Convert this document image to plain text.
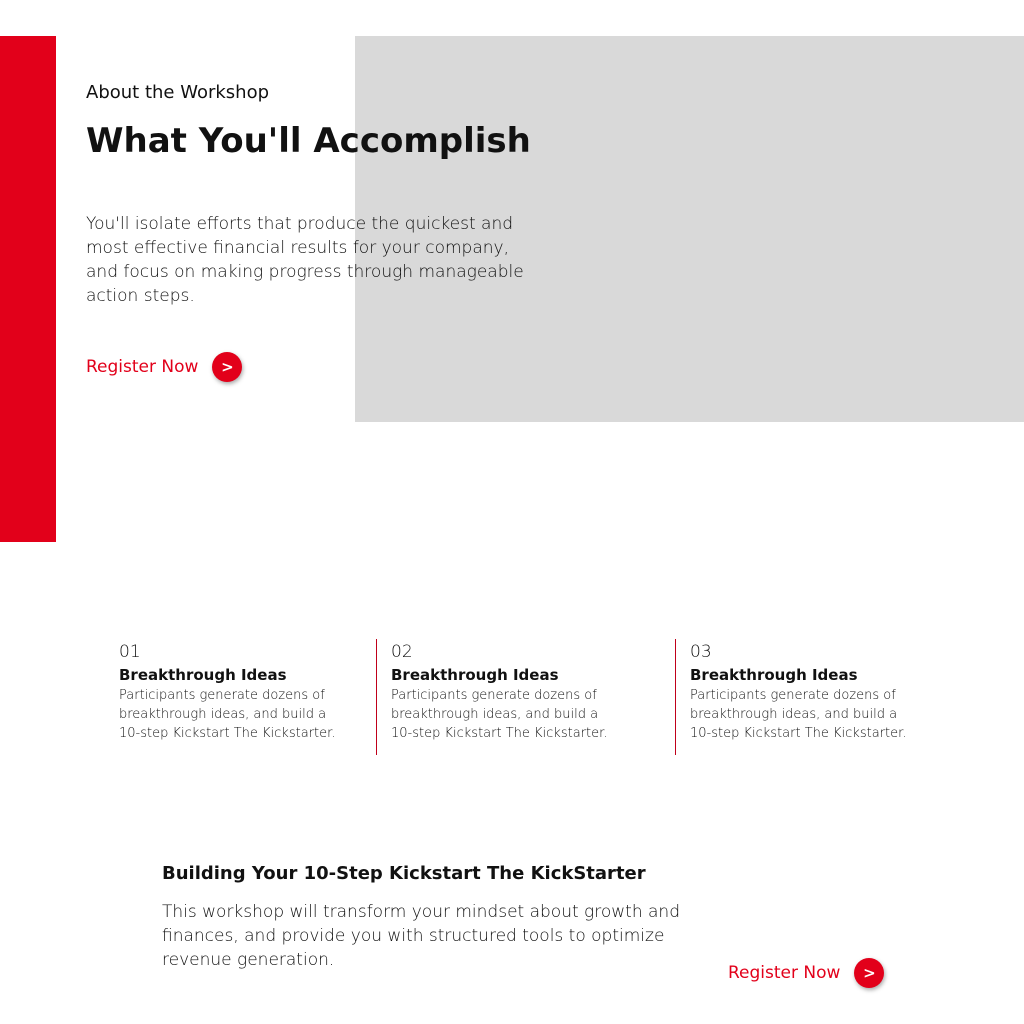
About the Workshop
What You'll Accomplish

You'll isolate efforts that produce the quickest and most effective financial results for your company, and focus on making progress through manageable action steps.

Register Now	>
01
Breakthrough Ideas
Participants generate dozens of breakthrough ideas, and build a 10-step Kickstart The Kickstarter.
02
Breakthrough Ideas
Participants generate dozens of breakthrough ideas, and build a 10-step Kickstart The Kickstarter.
03
Breakthrough Ideas
Participants generate dozens of breakthrough ideas, and build a 10-step Kickstart The Kickstarter.
Building Your 10-Step Kickstart The KickStarter

This workshop will transform your mindset about growth and finances, and provide you with structured tools to optimize revenue generation.

Register Now	>
